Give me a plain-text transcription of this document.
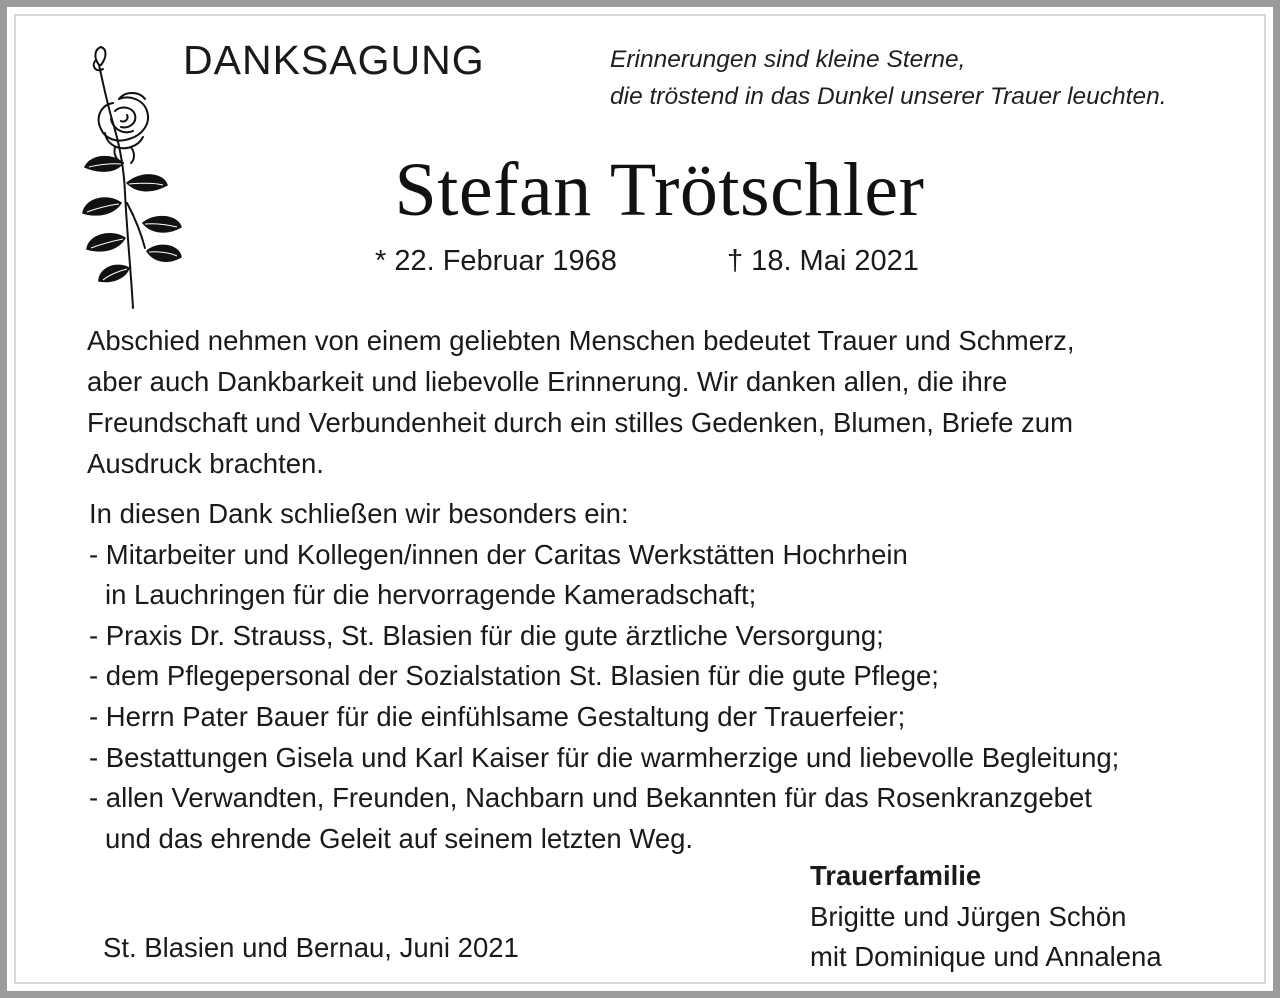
DANKSAGUNG	Erinnerungen sind kleine Sterne,
die tröstend in das Dunkel unserer Trauer leuchten.
Stefan Trötschler
* 22. Februar 1968	† 18. Mai 2021
Abschied nehmen von einem geliebten Menschen bedeutet Trauer und Schmerz,
aber auch Dankbarkeit und liebevolle Erinnerung. Wir danken allen, die ihre
Freundschaft und Verbundenheit durch ein stilles Gedenken, Blumen, Briefe zum
Ausdruck brachten.
In diesen Dank schließen wir besonders ein:
- Mitarbeiter und Kollegen/innen der Caritas Werkstätten Hochrhein
in Lauchringen für die hervorragende Kameradschaft;
- Praxis Dr. Strauss, St. Blasien für die gute ärztliche Versorgung;
- dem Pflegepersonal der Sozialstation St. Blasien für die gute Pflege;
- Herrn Pater Bauer für die einfühlsame Gestaltung der Trauerfeier;
- Bestattungen Gisela und Karl Kaiser für die warmherzige und liebevolle Begleitung;
- allen Verwandten, Freunden, Nachbarn und Bekannten für das Rosenkranzgebet
und das ehrende Geleit auf seinem letzten Weg.
St. Blasien und Bernau, Juni 2021
Trauerfamilie
Brigitte und Jürgen Schön
mit Dominique und Annalena
